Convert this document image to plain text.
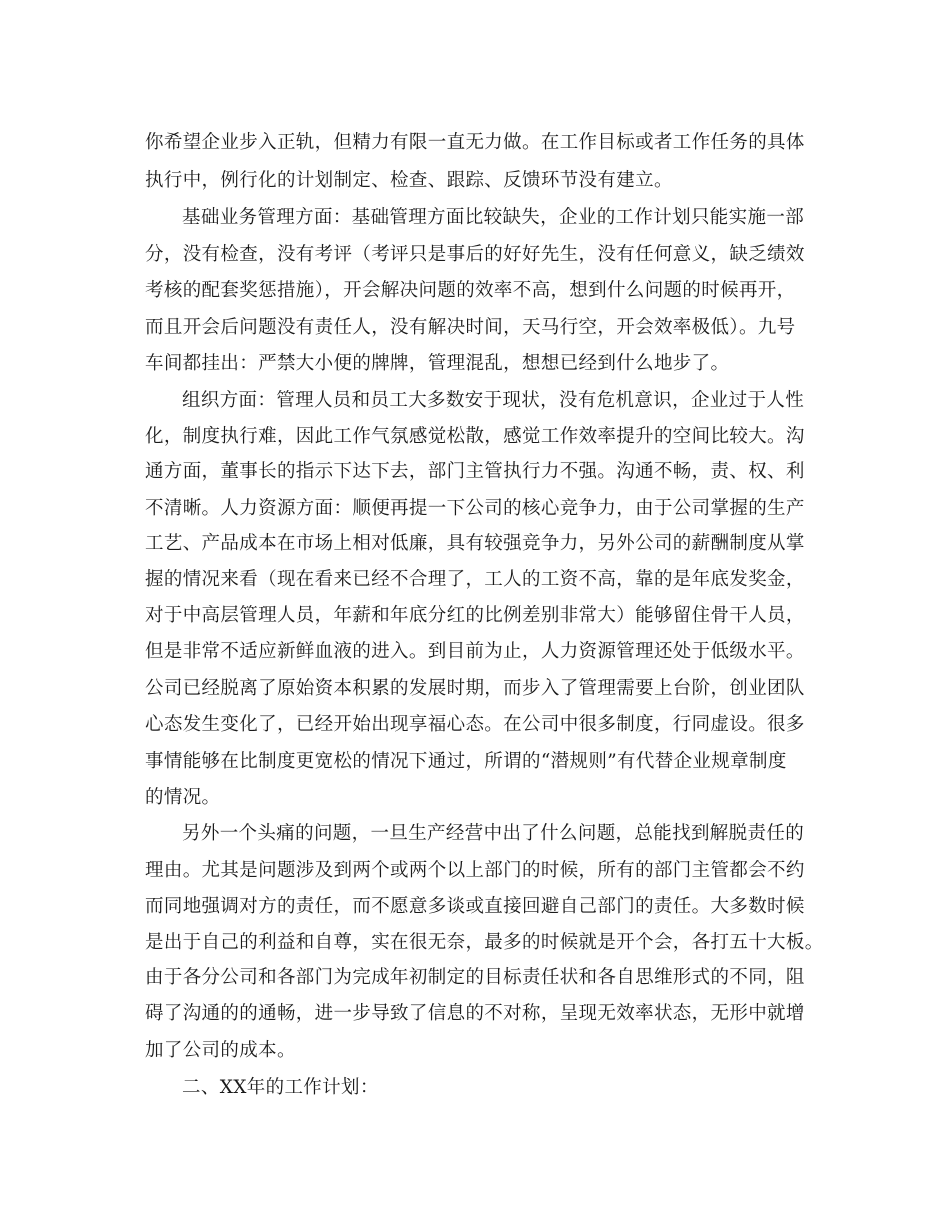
你希望企业步入正轨，但精力有限一直无力做。在工作目标或者工作任务的具体
执行中，例行化的计划制定、检查、跟踪、反馈环节没有建立。
基础业务管理方面：基础管理方面比较缺失，企业的工作计划只能实施一部
分，没有检查，没有考评（考评只是事后的好好先生，没有任何意义，缺乏绩效
考核的配套奖惩措施），开会解决问题的效率不高，想到什么问题的时候再开，
而且开会后问题没有责任人，没有解决时间，天马行空，开会效率极低）。九号
车间都挂出：严禁大小便的牌牌，管理混乱，想想已经到什么地步了。
组织方面：管理人员和员工大多数安于现状，没有危机意识，企业过于人性
化，制度执行难，因此工作气氛感觉松散，感觉工作效率提升的空间比较大。沟
通方面，董事长的指示下达下去，部门主管执行力不强。沟通不畅，责、权、利
不清晰。人力资源方面：顺便再提一下公司的核心竞争力，由于公司掌握的生产
工艺、产品成本在市场上相对低廉，具有较强竞争力，另外公司的薪酬制度从掌
握的情况来看（现在看来已经不合理了，工人的工资不高，靠的是年底发奖金，
对于中高层管理人员，年薪和年底分红的比例差别非常大）能够留住骨干人员，
但是非常不适应新鲜血液的进入。到目前为止，人力资源管理还处于低级水平。
公司已经脱离了原始资本积累的发展时期，而步入了管理需要上台阶，创业团队
心态发生变化了，已经开始出现享福心态。在公司中很多制度，行同虚设。很多
事情能够在比制度更宽松的情况下通过，所谓的“潜规则”有代替企业规章制度
的情况。
另外一个头痛的问题，一旦生产经营中出了什么问题，总能找到解脱责任的
理由。尤其是问题涉及到两个或两个以上部门的时候，所有的部门主管都会不约
而同地强调对方的责任，而不愿意多谈或直接回避自己部门的责任。大多数时候
是出于自己的利益和自尊，实在很无奈，最多的时候就是开个会，各打五十大板。
由于各分公司和各部门为完成年初制定的目标责任状和各自思维形式的不同，阻
碍了沟通的的通畅，进一步导致了信息的不对称，呈现无效率状态，无形中就增
加了公司的成本。
二、XX年的工作计划：
